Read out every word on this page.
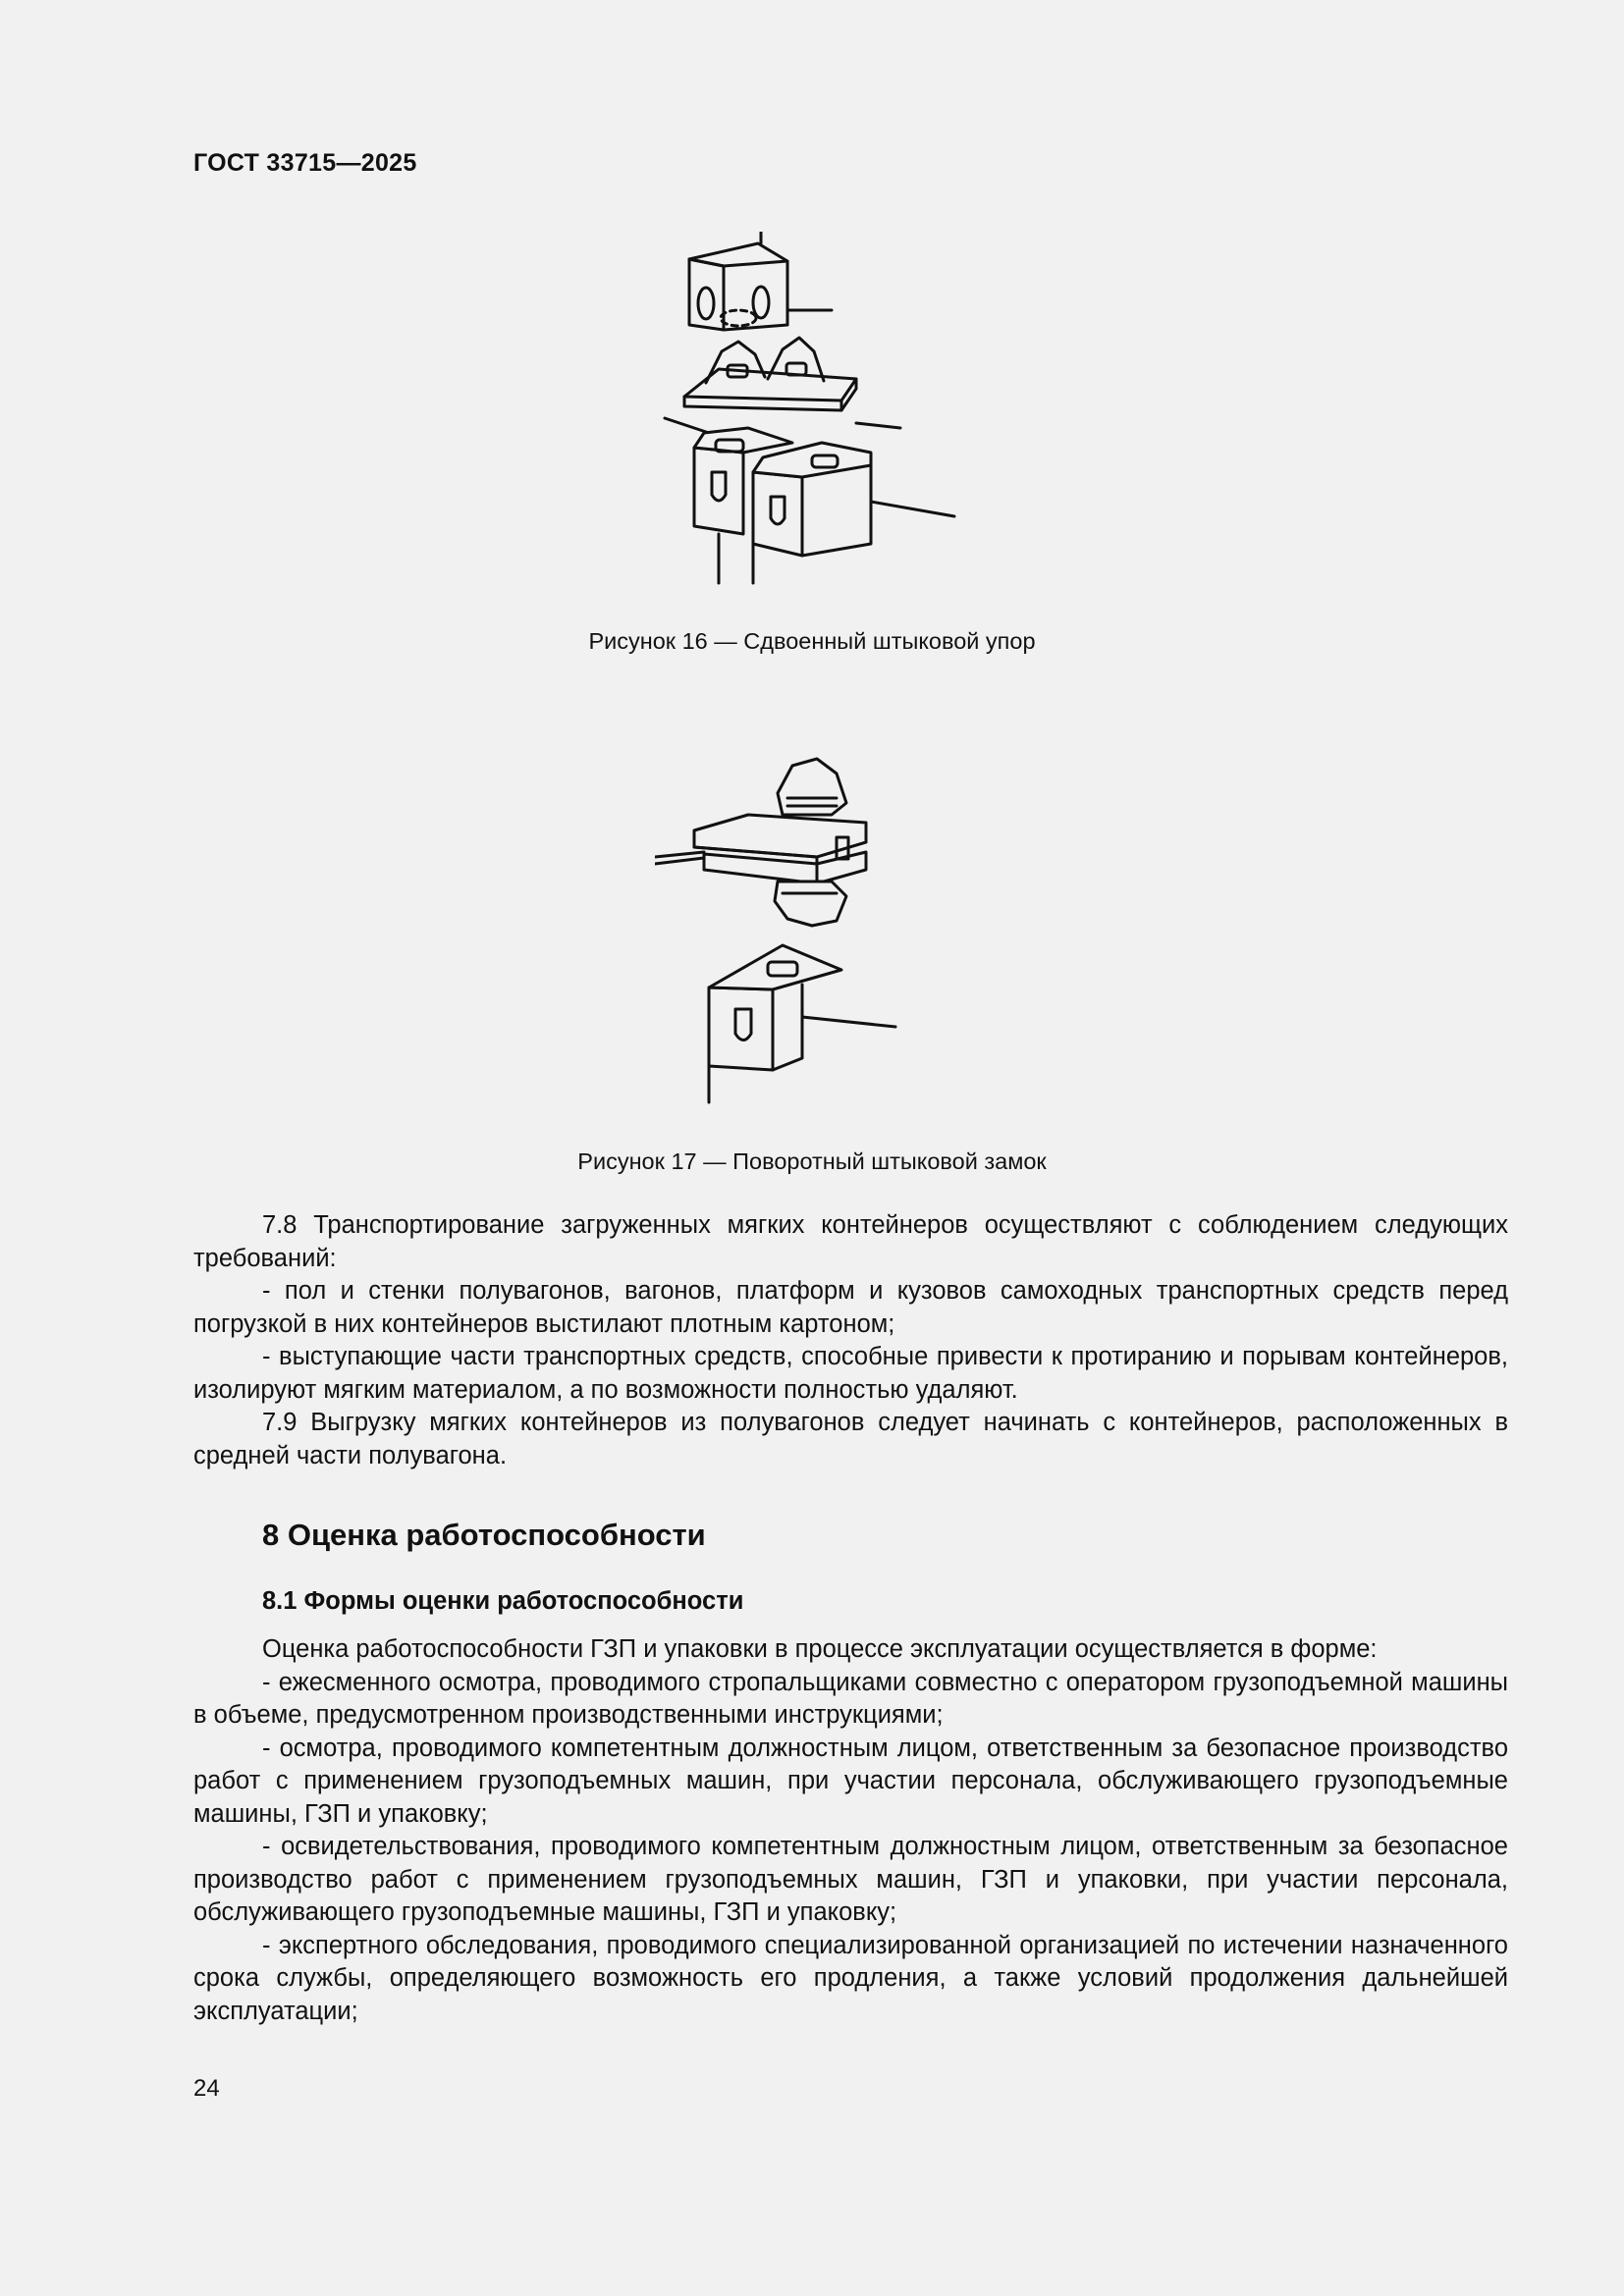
ГОСТ 33715—2025
Рисунок 16 — Сдвоенный штыковой упор
Рисунок 17 — Поворотный штыковой замок

7.8 Транспортирование загруженных мягких контейнеров осуществляют с соблюдением следующих требований:

- пол и стенки полувагонов, вагонов, платформ и кузовов самоходных транспортных средств перед погрузкой в них контейнеров выстилают плотным картоном;

- выступающие части транспортных средств, способные привести к протиранию и порывам контейнеров, изолируют мягким материалом, а по возможности полностью удаляют.

7.9 Выгрузку мягких контейнеров из полувагонов следует начинать с контейнеров, расположенных в средней части полувагона.

8 Оценка работоспособности
8.1 Формы оценки работоспособности

Оценка работоспособности ГЗП и упаковки в процессе эксплуатации осуществляется в форме:

- ежесменного осмотра, проводимого стропальщиками совместно с оператором грузоподъемной машины в объеме, предусмотренном производственными инструкциями;

- осмотра, проводимого компетентным должностным лицом, ответственным за безопасное производство работ с применением грузоподъемных машин, при участии персонала, обслуживающего грузоподъемные машины, ГЗП и упаковку;

- освидетельствования, проводимого компетентным должностным лицом, ответственным за безопасное производство работ с применением грузоподъемных машин, ГЗП и упаковки, при участии персонала, обслуживающего грузоподъемные машины, ГЗП и упаковку;

- экспертного обследования, проводимого специализированной организацией по истечении назначенного срока службы, определяющего возможность его продления, а также условий продолжения дальнейшей эксплуатации;

24
